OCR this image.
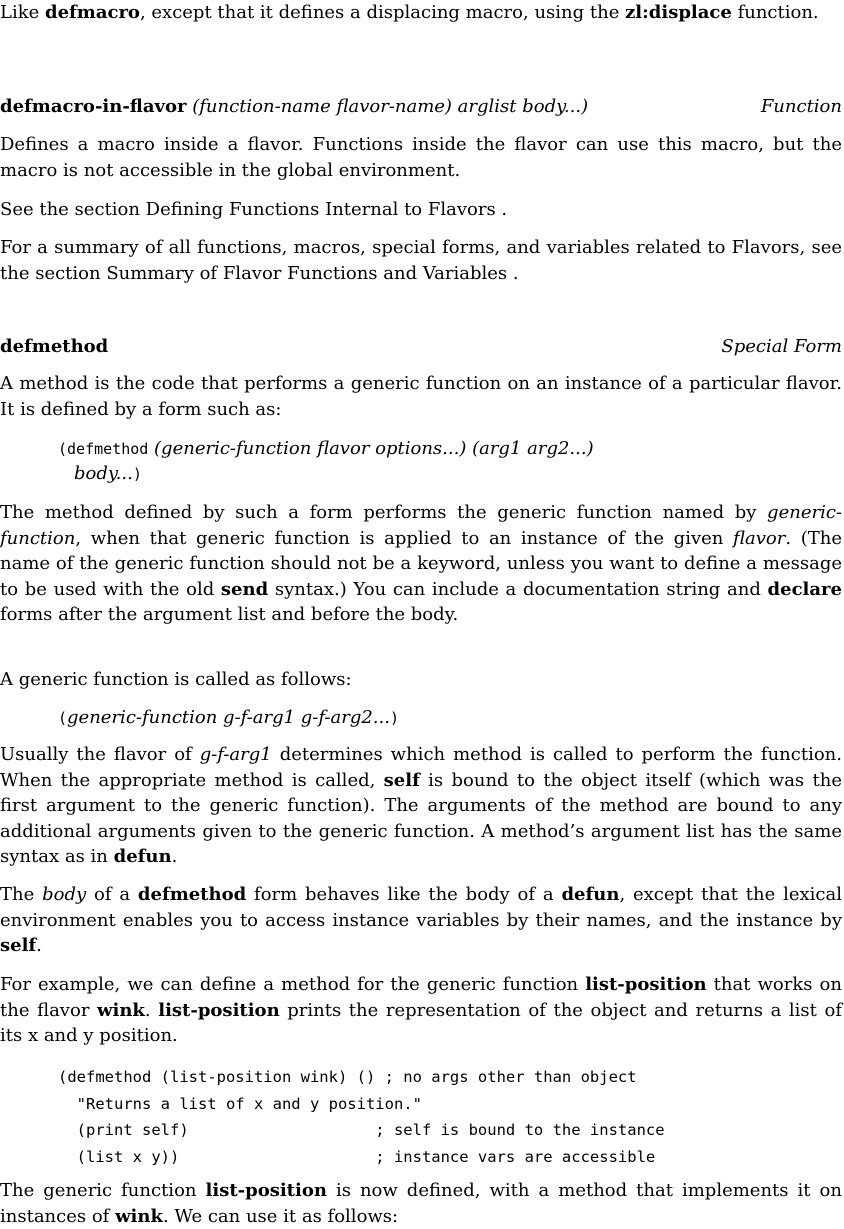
Like defmacro, except that it defines a displacing macro, using the zl:displace function.

defmacro-in-flavor (function-name flavor-name) arglist body...)	Function

Defines a macro inside a flavor. Functions inside the flavor can use this macro, but the macro is not accessible in the global environment.

See the section Defining Functions Internal to Flavors .

For a summary of all functions, macros, special forms, and variables related to Flavors, see the section Summary of Flavor Functions and Variables .

defmethod	Special Form

A method is the code that performs a generic function on an instance of a particular flavor. It is defined by a form such as:

(defmethod (generic-function flavor options...) (arg1 arg2...)
body...)

The method defined by such a form performs the generic function named by generic-function, when that generic function is applied to an instance of the given flavor. (The name of the generic function should not be a keyword, unless you want to define a message to be used with the old send syntax.) You can include a documentation string and declare forms after the argument list and before the body.

A generic function is called as follows:

(generic-function g-f-arg1 g-f-arg2...)

Usually the flavor of g-f-arg1 determines which method is called to perform the function. When the appropriate method is called, self is bound to the object itself (which was the first argument to the generic function). The arguments of the method are bound to any additional arguments given to the generic function. A method’s argument list has the same syntax as in defun.

The body of a defmethod form behaves like the body of a defun, except that the lexical environment enables you to access instance variables by their names, and the instance by self.

For example, we can define a method for the generic function list-position that works on the flavor wink. list-position prints the representation of the object and returns a list of its x and y position.

(defmethod (list-position wink) () ; no args other than object
"Returns a list of x and y position."
(print self)                    ; self is bound to the instance
(list x y))                     ; instance vars are accessible

The generic function list-position is now defined, with a method that implements it on instances of wink. We can use it as follows:
